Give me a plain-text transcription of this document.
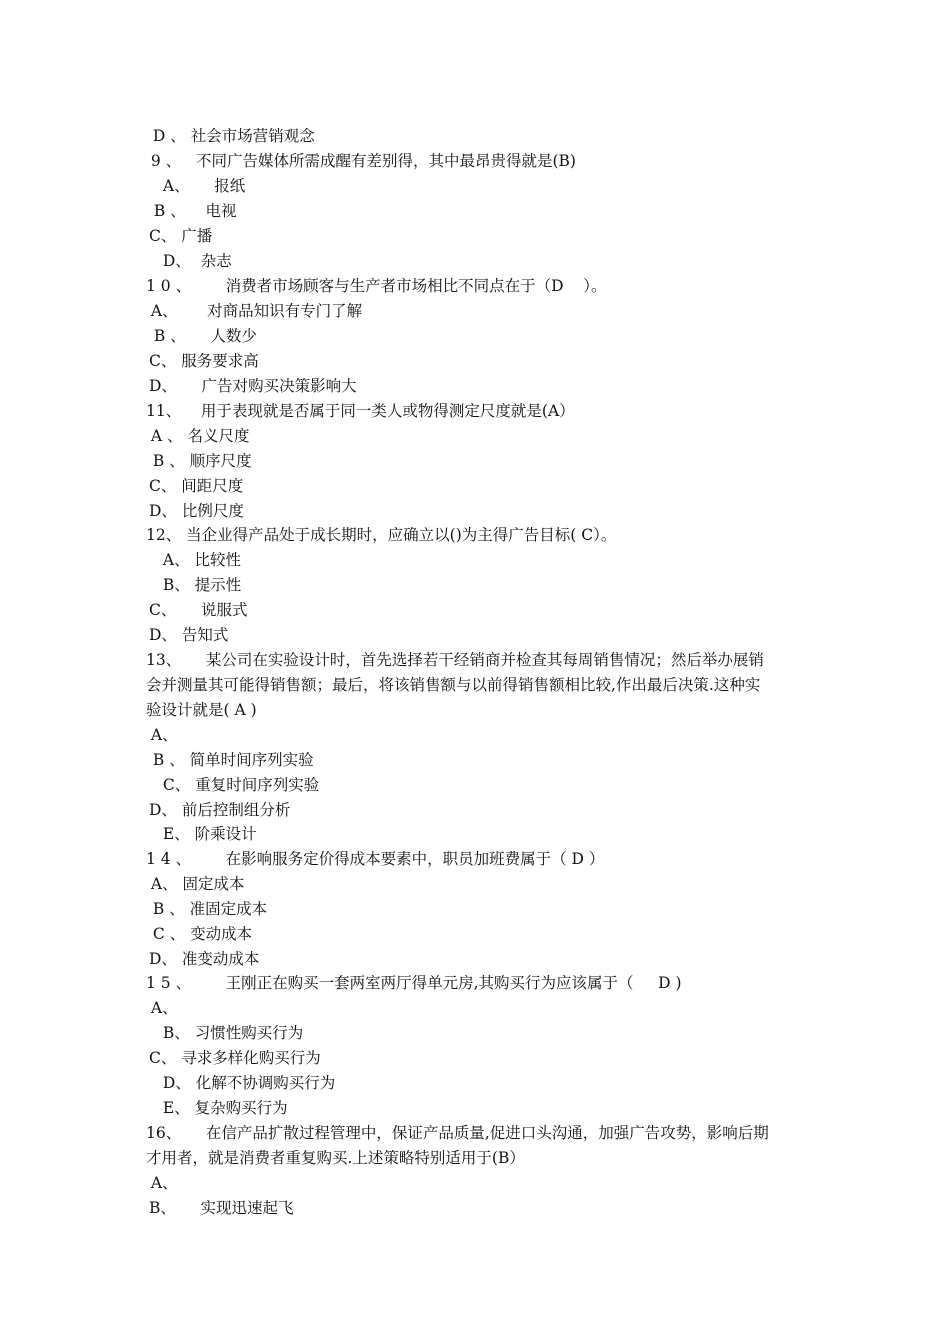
D 、 社会市场营销观念
9 、   不同广告媒体所需成醒有差别得，其中最昂贵得就是(B)
A、     报纸
B 、    电视
C、 广播
D、  杂志
1 0 、       消费者市场顾客与生产者市场相比不同点在于（D    ）。
A、      对商品知识有专门了解
B 、     人数少
C、 服务要求高
D、     广告对购买决策影响大
11、    用于表现就是否属于同一类人或物得测定尺度就是(A）
A 、 名义尺度
B 、 顺序尺度
C、 间距尺度
D、 比例尺度
12、 当企业得产品处于成长期时，应确立以()为主得广告目标( C）。
A、 比较性
B、 提示性
C、     说服式
D、 告知式
13、     某公司在实验设计时，首先选择若干经销商并检查其每周销售情况；然后举办展销
会并测量其可能得销售额；最后，将该销售额与以前得销售额相比较,作出最后决策.这种实
验设计就是( A )
A、
B 、 简单时间序列实验
C、 重复时间序列实验
D、 前后控制组分析
E、 阶乘设计
1 4 、       在影响服务定价得成本要素中，职员加班费属于（ D ）
A、 固定成本
B 、 准固定成本
C 、 变动成本
D、 准变动成本
1 5 、       王刚正在购买一套两室两厅得单元房,其购买行为应该属于（     D )
A、
B、 习惯性购买行为
C、 寻求多样化购买行为
D、 化解不协调购买行为
E、 复杂购买行为
16、     在信产品扩散过程管理中，保证产品质量,促进口头沟通，加强广告攻势，影响后期
才用者，就是消费者重复购买.上述策略特别适用于(B）
A、
B、     实现迅速起飞
